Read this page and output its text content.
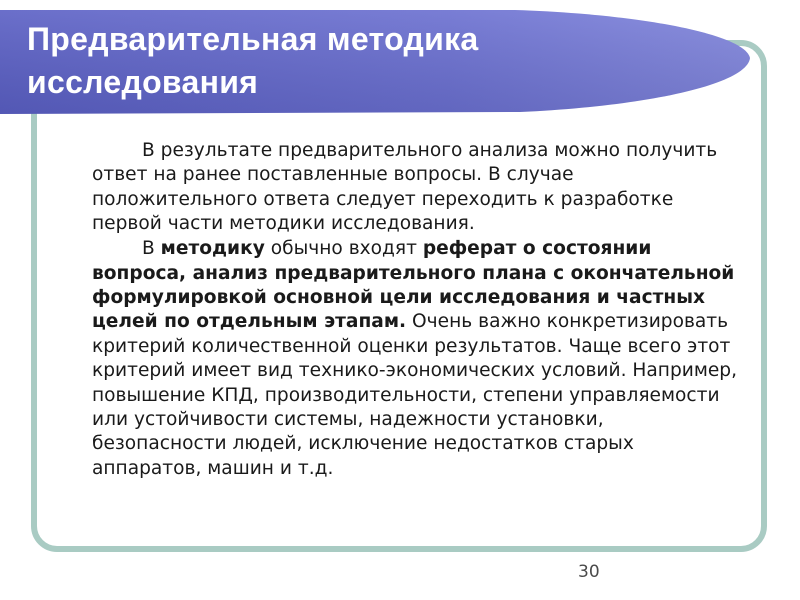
Предварительная методика
исследования

В результате предварительного анализа можно получить ответ на ранее поставленные вопросы. В случае положительного ответа следует переходить к разработке первой части методики исследования.

В методику обычно входят реферат о состоянии вопроса, анализ предварительного плана с окончательной формулировкой основной цели исследования и частных целей по отдельным этапам. Очень важно конкретизировать критерий количественной оценки результатов. Чаще всего этот критерий имеет вид технико-экономических условий. Например, повышение КПД, производительности, степени управляемости или устойчивости системы, надежности установки, безопасности людей, исключение недостатков старых аппаратов, машин и т.д.

30
